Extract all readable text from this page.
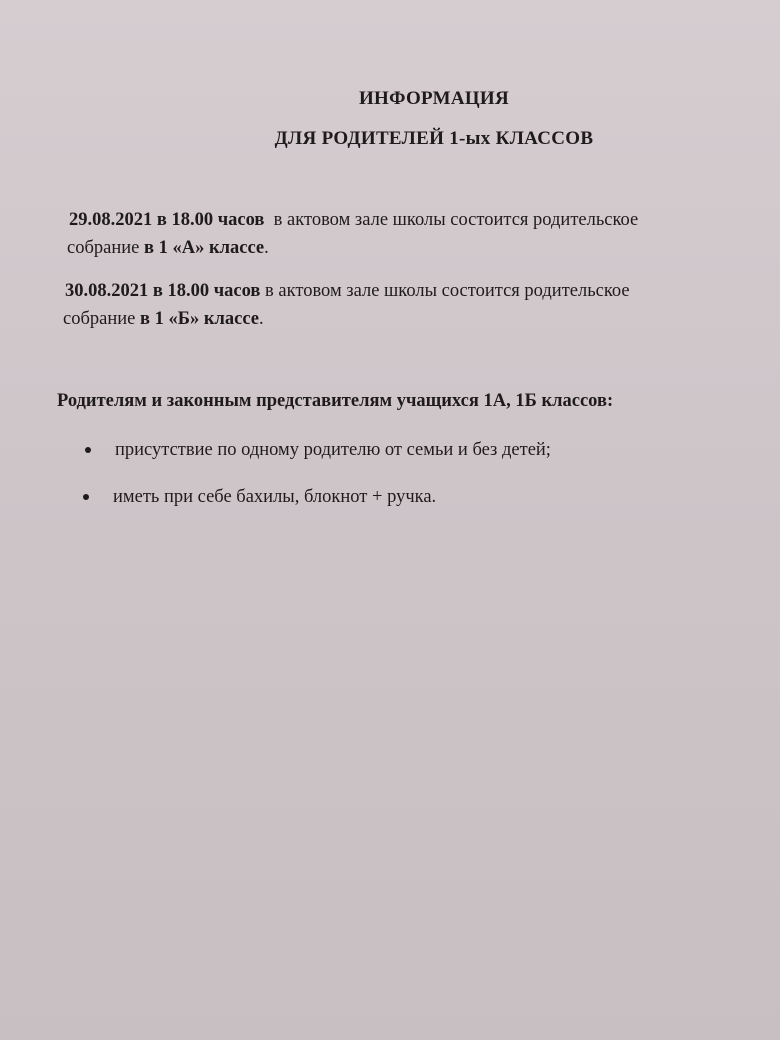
ИНФОРМАЦИЯ
ДЛЯ РОДИТЕЛЕЙ 1-ых КЛАССОВ
29.08.2021 в 18.00 часов в актовом зале школы состоится родительское
собрание в 1 «А» классе.
30.08.2021 в 18.00 часов в актовом зале школы состоится родительское
собрание в 1 «Б» классе.
Родителям и законным представителям учащихся 1А, 1Б классов:
присутствие по одному родителю от семьи и без детей;
иметь при себе бахилы, блокнот + ручка.
